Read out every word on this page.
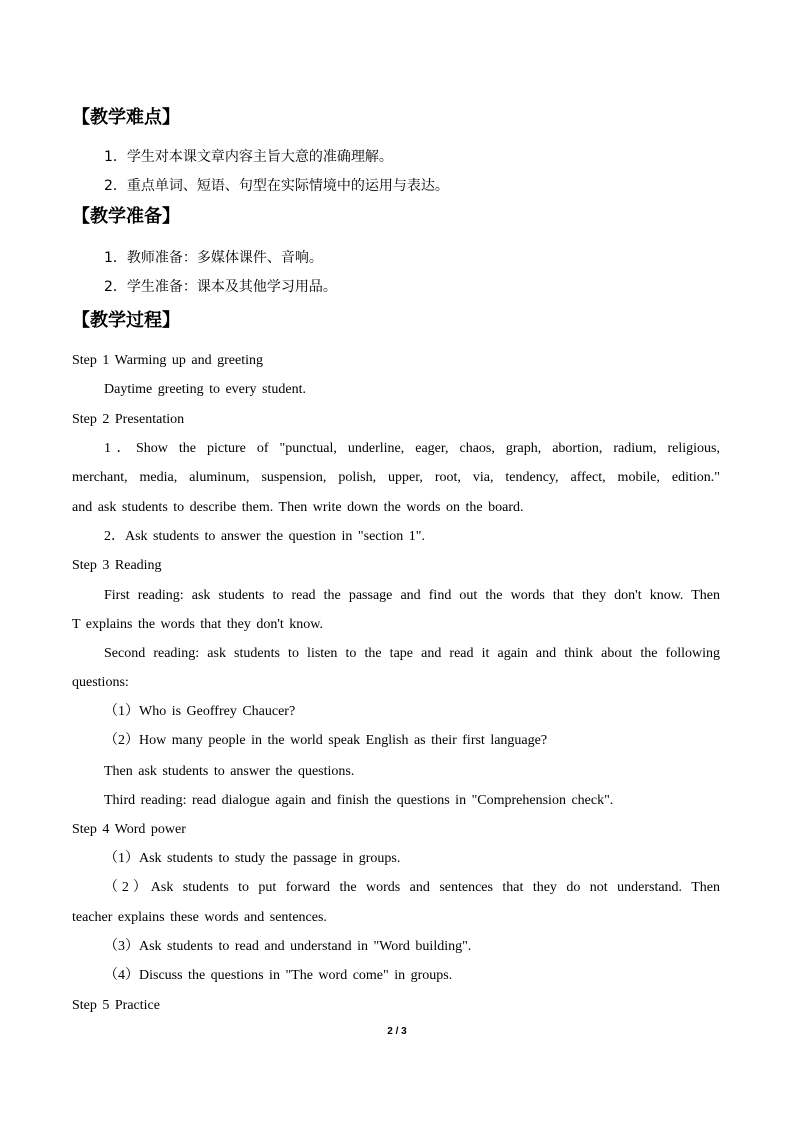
【教学难点】
1．学生对本课文章内容主旨大意的准确理解。
2．重点单词、短语、句型在实际情境中的运用与表达。
【教学准备】
1．教师准备：多媒体课件、音响。
2．学生准备：课本及其他学习用品。
【教学过程】
Step 1 Warming up and greeting
Daytime greeting to every student.
Step 2 Presentation
1．Show the picture of "punctual, underline, eager, chaos, graph, abortion, radium, religious,
merchant, media, aluminum, suspension, polish, upper, root, via, tendency, affect, mobile, edition."
and ask students to describe them. Then write down the words on the board.
2．Ask students to answer the question in "section 1".
Step 3 Reading
First reading: ask students to read the passage and find out the words that they don't know. Then
T explains the words that they don't know.
Second reading: ask students to listen to the tape and read it again and think about the following
questions:
（1）Who is Geoffrey Chaucer?
（2）How many people in the world speak English as their first language?
Then ask students to answer the questions.
Third reading: read dialogue again and finish the questions in "Comprehension check".
Step 4 Word power
（1）Ask students to study the passage in groups.
（2）Ask students to put forward the words and sentences that they do not understand. Then
teacher explains these words and sentences.
（3）Ask students to read and understand in "Word building".
（4）Discuss the questions in "The word come" in groups.
Step 5 Practice
2 / 3
